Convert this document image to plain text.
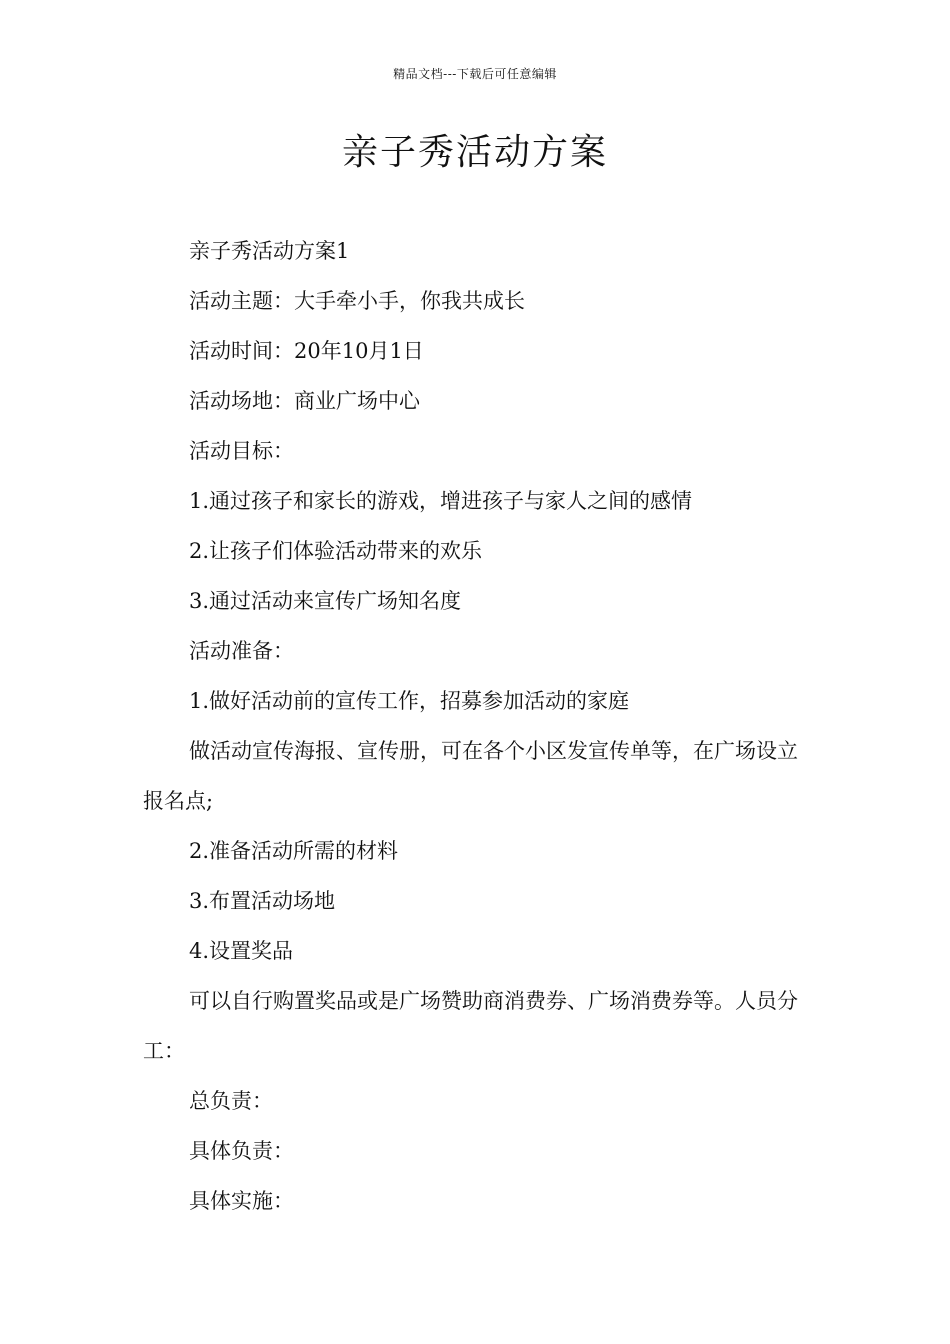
精品文档---下载后可任意编辑
亲子秀活动方案

亲子秀活动方案1

活动主题：大手牵小手，你我共成长

活动时间：20年10月1日

活动场地：商业广场中心

活动目标：

1.通过孩子和家长的游戏，增进孩子与家人之间的感情

2.让孩子们体验活动带来的欢乐

3.通过活动来宣传广场知名度

活动准备：

1.做好活动前的宣传工作，招募参加活动的家庭

做活动宣传海报、宣传册，可在各个小区发宣传单等，在广场设立报名点;

2.准备活动所需的材料

3.布置活动场地

4.设置奖品

可以自行购置奖品或是广场赞助商消费券、广场消费券等。人员分工：

总负责：

具体负责：

具体实施：
